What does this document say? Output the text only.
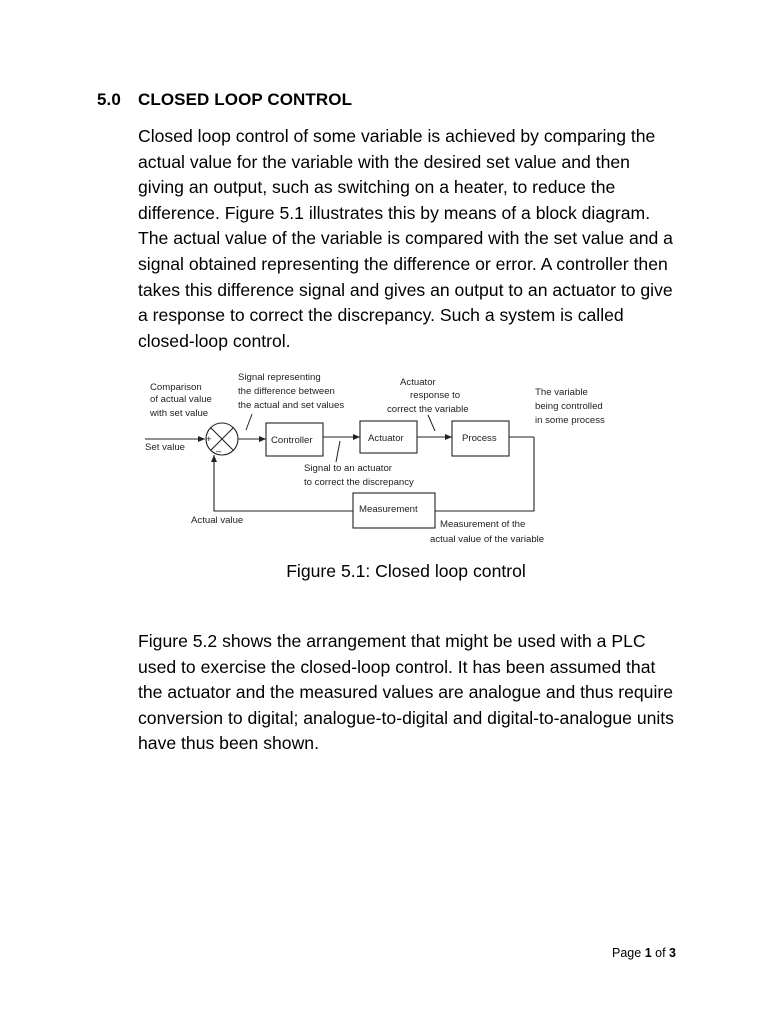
5.0 CLOSED LOOP CONTROL

Closed loop control of some variable is achieved by comparing the actual value for the variable with the desired set value and then giving an output, such as switching on a heater, to reduce the difference. Figure 5.1 illustrates this by means of a block diagram. The actual value of the variable is compared with the set value and a signal obtained representing the difference or error. A controller then takes this difference signal and gives an output to an actuator to give a response to correct the discrepancy. Such a system is called closed-loop control.

+
–
Set value
Controller	Actuator	Process
Measurement
Comparison
of actual value
with set value
Signal representing
the difference between
the actual and set values
Actuator
response to
correct the variable
The variable
being controlled
in some process
Signal to an actuator
to correct the discrepancy
Actual value	Measurement of the
actual value of the variable
Figure 5.1: Closed loop control

Figure 5.2 shows the arrangement that might be used with a PLC used to exercise the closed-loop control. It has been assumed that the actuator and the measured values are analogue and thus require conversion to digital; analogue-to-digital and digital-to-analogue units have thus been shown.

Page 1 of 3
